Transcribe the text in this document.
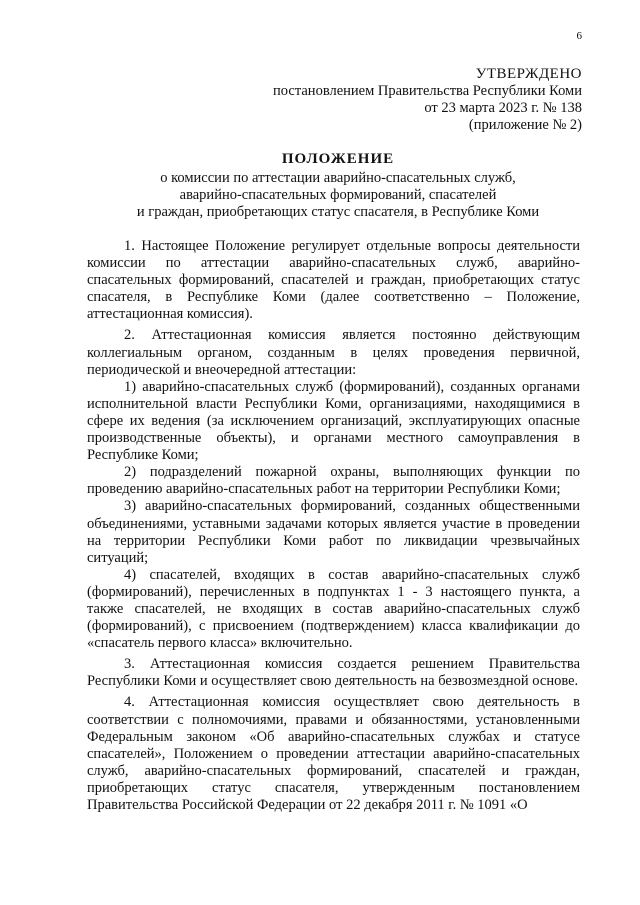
6
УТВЕРЖДЕНО
постановлением Правительства Республики Коми
от 23 марта 2023 г. № 138
(приложение № 2)
ПОЛОЖЕНИЕ
о комиссии по аттестации аварийно-спасательных служб,
аварийно-спасательных формирований, спасателей
и граждан, приобретающих статус спасателя, в Республике Коми

1. Настоящее Положение регулирует отдельные вопросы деятельности комиссии по аттестации аварийно-спасательных служб, аварийно-спасательных формирований, спасателей и граждан, приобретающих статус спасателя, в Республике Коми (далее соответственно – Положение, аттестационная комиссия).

2. Аттестационная комиссия является постоянно действующим коллегиальным органом, созданным в целях проведения первичной, периодической и внеочередной аттестации:

1) аварийно-спасательных служб (формирований), созданных органами исполнительной власти Республики Коми, организациями, находящимися в сфере их ведения (за исключением организаций, эксплуатирующих опасные производственные объекты), и органами местного самоуправления в Республике Коми;

2) подразделений пожарной охраны, выполняющих функции по проведению аварийно-спасательных работ на территории Республики Коми;

3) аварийно-спасательных формирований, созданных общественными объединениями, уставными задачами которых является участие в проведении на территории Республики Коми работ по ликвидации чрезвычайных ситуаций;

4) спасателей, входящих в состав аварийно-спасательных служб (формирований), перечисленных в подпунктах 1 - 3 настоящего пункта, а также спасателей, не входящих в состав аварийно-спасательных служб (формирований), с присвоением (подтверждением) класса квалификации до «спасатель первого класса» включительно.

3. Аттестационная комиссия создается решением Правительства Республики Коми и осуществляет свою деятельность на безвозмездной основе.

4. Аттестационная комиссия осуществляет свою деятельность в соответствии с полномочиями, правами и обязанностями, установленными Федеральным законом «Об аварийно-спасательных службах и статусе спасателей», Положением о проведении аттестации аварийно-спасательных служб, аварийно-спасательных формирований, спасателей и граждан, приобретающих статус спасателя, утвержденным постановлением Правительства Российской Федерации от 22 декабря 2011 г. № 1091 «О
